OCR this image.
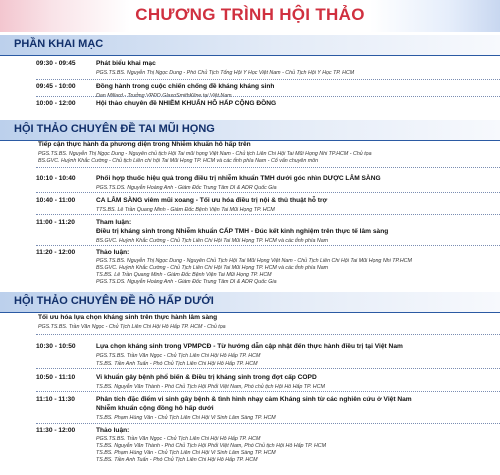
CHƯƠNG TRÌNH HỘI THẢO
PHẦN KHAI MẠC
09:30 - 09:45	Phát biểu khai mạc
PGS.TS.BS. Nguyễn Thị Ngọc Dung - Phó Chủ Tịch Tổng Hội Y Học Việt Nam - Chủ Tịch Hội Y Học TP. HCM
09:45 - 10:00	Đồng hành trong cuộc chiến chống đề kháng kháng sinh
Dan Millard - Trưởng VPĐD GlaxoSmithKline tại Việt Nam
10:00 - 12:00	Hội thảo chuyên đề NHIỄM KHUẨN HÔ HẤP CỘNG ĐỒNG
HỘI THẢO CHUYÊN ĐỀ TAI MŨI HỌNG
Tiếp cận thực hành đa phương diện trong Nhiễm khuẩn hô hấp trên
PGS.TS.BS. Nguyễn Thị Ngọc Dung - Nguyên chủ tịch Hội Tai mũi họng Việt Nam - Chủ tịch Liên Chi Hội Tai Mũi Họng Nhi TP.HCM - Chủ tọa
BS.GVC. Huỳnh Khắc Cường - Chủ tịch Liên chi hội Tai Mũi Họng TP. HCM và các tỉnh phía Nam - Cố vấn chuyên môn
10:10 - 10:40	Phối hợp thuốc hiệu quả trong điều trị nhiễm khuẩn TMH dưới góc nhìn DƯỢC LÂM SÀNG
PGS.TS.DS. Nguyễn Hoàng Anh - Giám Đốc Trung Tâm DI & ADR Quốc Gia
10:40 - 11:00	CA LÂM SÀNG viêm mũi xoang - Tối ưu hóa điều trị nội & thủ thuật hỗ trợ
TTS.BS. Lê Trần Quang Minh - Giám Đốc Bệnh Viện Tai Mũi Họng TP. HCM
11:00 - 11:20	Tham luận:
Điều trị kháng sinh trong Nhiễm khuẩn CẤP TMH - Đúc kết kinh nghiệm trên thực tế lâm sàng
BS.GVC. Huỳnh Khắc Cường - Chủ Tịch Liên Chi Hội Tai Mũi Họng TP. HCM và các tỉnh phía Nam
11:20 - 12:00	Thảo luận:
PGS.TS.BS. Nguyễn Thị Ngọc Dung - Nguyên Chủ Tịch Hội Tai Mũi Họng Việt Nam - Chủ Tịch Liên Chi Hội Tai Mũi Họng Nhi TP.HCM
BS.GVC. Huỳnh Khắc Cường - Chủ Tịch Liên Chi Hội Tai Mũi Họng TP. HCM và các tỉnh phía Nam
TS.BS. Lê Trần Quang Minh - Giám Đốc Bệnh Viện Tai Mũi Họng TP. HCM
PGS.TS.DS. Nguyễn Hoàng Anh - Giám Đốc Trung Tâm DI & ADR Quốc Gia
HỘI THẢO CHUYÊN ĐỀ HÔ HẤP DƯỚI
Tối ưu hóa lựa chọn kháng sinh trên thực hành lâm sàng
PGS.TS.BS. Trần Văn Ngọc - Chủ Tịch Liên Chi Hội Hô Hấp TP. HCM - Chủ tọa
10:30 - 10:50	Lựa chọn kháng sinh trong VPMPCĐ - Từ hướng dẫn cập nhật đến thực hành điều trị tại Việt Nam
PGS.TS.BS. Trần Văn Ngọc - Chủ Tịch Liên Chi Hội Hô Hấp TP. HCM
TS.BS. Tiền Anh Tuấn - Phó Chủ Tịch Liên Chi Hội Hô Hấp TP. HCM
10:50 - 11:10	Vi khuẩn gây bệnh phổ biến & Điều trị kháng sinh trong đợt cấp COPD
TS.BS. Nguyễn Văn Thành - Phó Chủ Tịch Hội Phổi Việt Nam, Phó chủ tịch Hội Hô Hấp TP. HCM
11:10 - 11:30	Phân tích đặc điểm vi sinh gây bệnh & tình hình nhạy cảm Kháng sinh từ các nghiên cứu ở Việt Nam
Nhiễm khuẩn cộng đồng hô hấp dưới
TS.BS. Phạm Hùng Vân - Chủ Tịch Liên Chi Hội Vi Sinh Lâm Sàng TP. HCM
11:30 - 12:00	Thảo luận:
PGS.TS.BS. Trần Văn Ngọc - Chủ Tịch Liên Chi Hội Hô Hấp TP. HCM
TS.BS. Nguyễn Văn Thành - Phó Chủ Tịch Hội Phổi Việt Nam, Phó Chủ tịch Hội Hô Hấp TP. HCM
TS.BS. Phạm Hùng Vân - Chủ Tịch Liên Chi Hội Vi Sinh Lâm Sàng TP. HCM
TS.BS. Tiền Anh Tuấn - Phó Chủ Tịch Liên Chi Hội Hô Hấp TP. HCM
